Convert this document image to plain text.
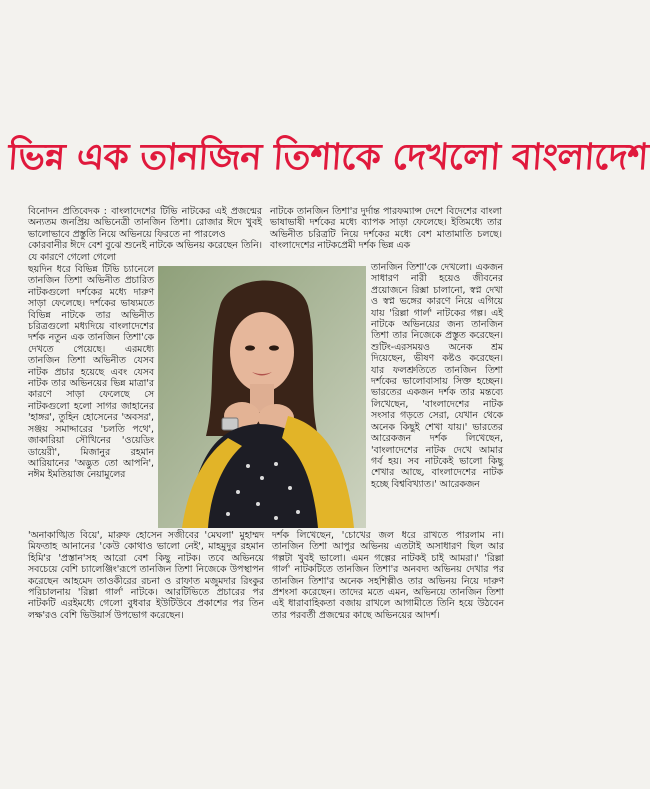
ভিন্ন এক তানজিন তিশাকে দেখলো বাংলাদেশ

বিনোদন প্রতিবেদক : বাংলাদেশের টিভি নাটকের এই প্রজন্মের অন্যতম জনপ্রিয় অভিনেত্রী তানজিন তিশা। রোজার ঈদে খুবই ভালোভাবে প্রস্তুতি নিয়ে অভিনয়ে ফিরতে না পারলেও

কোরবানীর ঈদে বেশ বুঝে শুনেই নাটকে অভিনয় করেছেন তিনি। যে কারণে গেলো গেলো

ছয়দিন ধরে বিভিন্ন টিভি চ্যানেলে তানজিন তিশা অভিনীত প্রচারিত নাটকগুলো দর্শকের মধ্যে দারুণ সাড়া ফেলেছে। দর্শকের ভাষ্যমতে বিভিন্ন নাটকে তার অভিনীত চরিত্রগুলো মধ্যদিয়ে বাংলাদেশের দর্শক নতুন এক তানজিন তিশা'কে দেখতে পেয়েছে। এরমধ্যে তানজিন তিশা অভিনীত যেসব নাটক প্রচার হয়েছে এবং যেসব নাটক তার অভিনয়ের ভিন্ন মাত্রা'র কারণে সাড়া ফেলেছে সে নাটকগুলো হলো সাগর জাহানের 'হাঙ্গর', তুহিন হোসেনের 'অবসর', সঞ্জয় সমাদ্দারের 'চলতি পথে', জাকারিয়া সৌখিনের 'ওয়েডিং ডায়েরী', মিজানুর রহমান আরিয়ানের 'অদ্ভুত তো আপনি', নঈম ইমতিয়াজ নেয়ামুলের
'অনাকাঙ্খিত বিয়ে', মারুফ হোসেন সজীবের 'মেঘলা' মুহাম্মদ মিফতাহ আনানের 'কেউ কোথাও ভালো নেই', মাহমুদুর রহমান হিমি'র 'প্রস্তান'সহ আরো বেশ কিছু নাটক। তবে অভিনয়ে সবচেয়ে বেশি চ্যালেঞ্জিং'রূপে তানজিন তিশা নিজেকে উপস্থাপন করেছেন আহমেদ তাওকীরের রচনা ও রাফাত মজুমদার রিংকুর পরিচালনায় 'রিল্লা গার্ল' নাটকে। আরটিভিতে প্রচারের পর নাটকটি এরইমধ্যে গেলো বুধবার ইউটিউবে প্রকাশের পর তিন লক্ষ'রও বেশি ভিউয়ার্স উপভোগ করেছেন।

নাটকে তানজিন তিশা'র দুর্দান্ত পারফম্যান্স দেশে বিদেশের বাংলা ভাষাভাষী দর্শকের মধ্যে ব্যাপক সাড়া ফেলেছে। ইতিমধ্যে তার অভিনীত চরিত্রটি নিয়ে দর্শকের মধ্যে বেশ মাতামাতি চলছে। বাংলাদেশের নাটকপ্রেমী দর্শক ভিন্ন এক

তানজিন তিশা'কে দেখলো। একজন সাধারণ নারী হয়েও জীবনের প্রয়োজনে রিক্সা চালানো, স্বপ্ন দেখা ও স্বপ্ন ভঙ্গের কারণে নিয়ে এগিয়ে যায় 'রিল্লা গার্ল' নাটকের গল্প। এই নাটকে অভিনয়ের জন্য তানজিন তিশা তার নিজেকে প্রস্তুত করেছেন। শুটিং-এরসময়ও অনেক শ্রম দিয়েছেন, ভীষণ কষ্টও করেছেন। যার ফলশ্রুতিতে তানজিন তিশা দর্শকের ভালোবাসায় সিক্ত হচ্ছেন। ভারতের একজন দর্শক তার মন্তব্যে লিখেছেন, 'বাংলাদেশের নাটক সংসার গড়তে সেরা, যেখান থেকে অনেক কিছুই শেখা যায়।' ভারতের আরেকজন দর্শক লিখেছেন, 'বাংলাদেশের নাটক দেখে আমার গর্ব হয়। সব নাটকেই ভালো কিছু শেখার আছে, বাংলাদেশের নাটক হচ্ছে বিশ্ববিখ্যাত।' আরেকজন
দর্শক লিখেছেন, 'চোখের জল ধরে রাখতে পারলাম না। তানজিন তিশা আপুর অভিনয় এতটাই অসাধারণ ছিল আর গল্পটা খুবই ভালো। এমন গল্পের নাটকই চাই আমরা।' 'রিল্লা গার্ল' নাটকটিতে তানজিন তিশা'র অনবদ্য অভিনয় দেখার পর তানজিন তিশা'র অনেক সহশিল্পীও তার অভিনয় নিয়ে দারুণ প্রশংসা করেছেন। তাদের মতে এমন, অভিনয়ে তানজিন তিশা এই ধারাবাহিকতা বজায় রাখলে আগামীতে তিনি হয়ে উঠবেন তার পরবর্তী প্রজন্মের কাছে অভিনয়ের আদর্শ।
